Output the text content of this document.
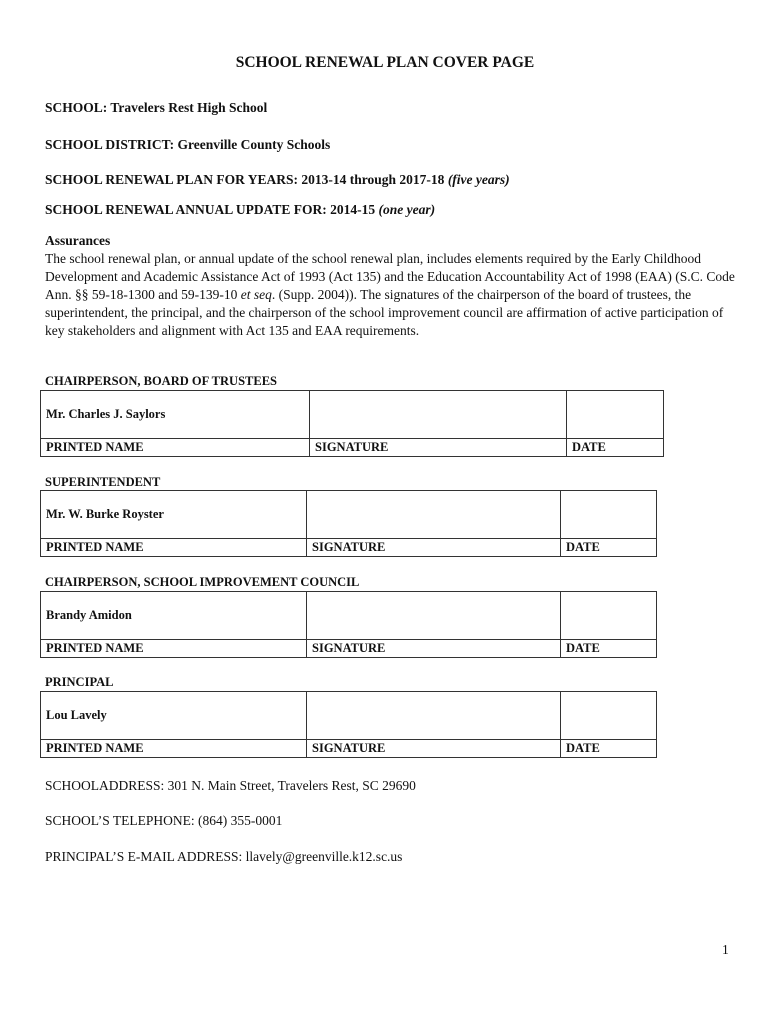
SCHOOL RENEWAL PLAN COVER PAGE
SCHOOL: Travelers Rest High School
SCHOOL DISTRICT: Greenville County Schools
SCHOOL RENEWAL PLAN FOR YEARS: 2013-14 through 2017-18 (five years)
SCHOOL RENEWAL ANNUAL UPDATE FOR: 2014-15 (one year)
Assurances
The school renewal plan, or annual update of the school renewal plan, includes elements required by the Early Childhood Development and Academic Assistance Act of 1993 (Act 135) and the Education Accountability Act of 1998 (EAA) (S.C. Code Ann. §§ 59-18-1300 and 59-139-10 et seq. (Supp. 2004)). The signatures of the chairperson of the board of trustees, the superintendent, the principal, and the chairperson of the school improvement council are affirmation of active participation of key stakeholders and alignment with Act 135 and EAA requirements.
CHAIRPERSON, BOARD OF TRUSTEES
Mr. Charles J. Saylors		
PRINTED NAME	SIGNATURE	DATE
SUPERINTENDENT
Mr. W. Burke Royster		
PRINTED NAME	SIGNATURE	DATE
CHAIRPERSON, SCHOOL IMPROVEMENT COUNCIL
Brandy Amidon		
PRINTED NAME	SIGNATURE	DATE
PRINCIPAL
Lou Lavely		
PRINTED NAME	SIGNATURE	DATE
SCHOOLADDRESS: 301 N. Main Street, Travelers Rest, SC 29690
SCHOOL’S TELEPHONE: (864) 355-0001
PRINCIPAL’S E-MAIL ADDRESS: llavely@greenville.k12.sc.us
1
